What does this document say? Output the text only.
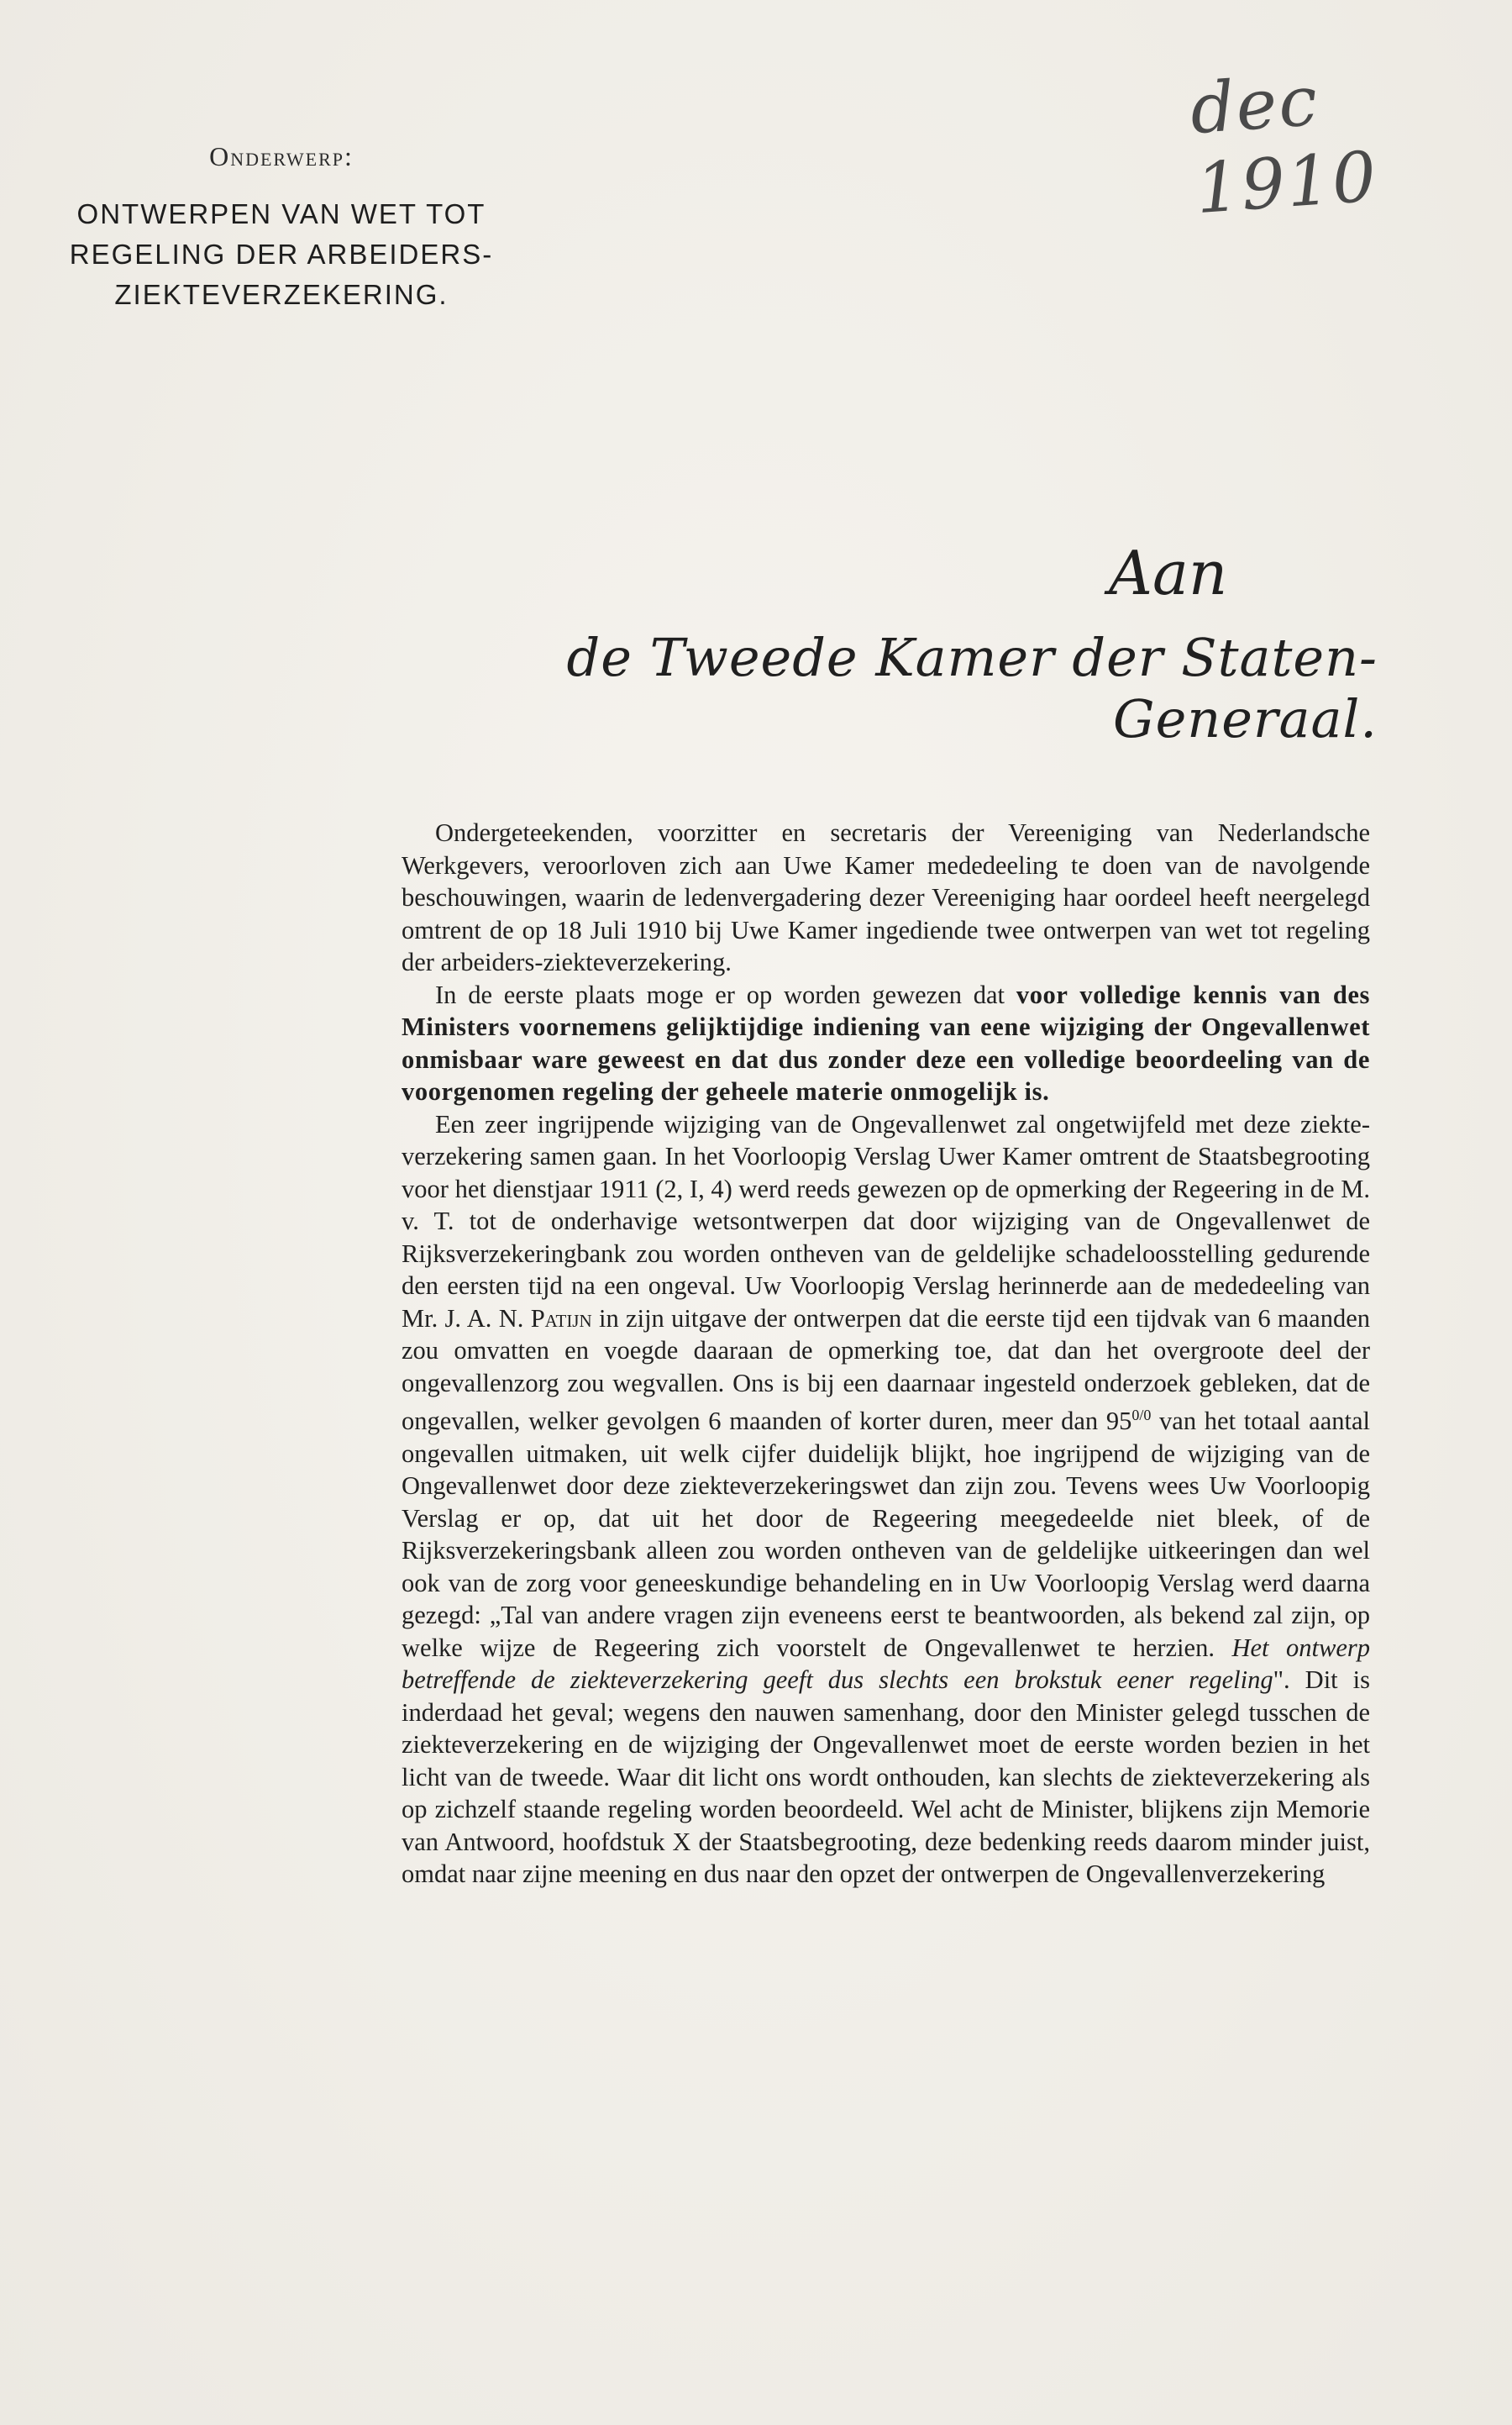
dec 1910
Onderwerp:
ONTWERPEN VAN WET TOT
REGELING DER ARBEIDERS-
ZIEKTEVERZEKERING.
Aan
de Tweede Kamer der Staten-Generaal.

Ondergeteekenden, voorzitter en secretaris der Vereeniging van Nederlandsche Werkgevers, veroorloven zich aan Uwe Kamer mededeeling te doen van de navolgende beschouwingen, waarin de ledenvergadering dezer Vereeniging haar oordeel heeft neergelegd omtrent de op 18 Juli 1910 bij Uwe Kamer ingediende twee ontwerpen van wet tot regeling der arbeiders-ziekteverzekering.

In de eerste plaats moge er op worden gewezen dat voor volledige kennis van des Ministers voornemens gelijktijdige indiening van eene wijziging der Ongevallenwet onmisbaar ware geweest en dat dus zonder deze een volledige beoordeeling van de voorgenomen regeling der geheele materie onmogelijk is.

Een zeer ingrijpende wijziging van de Ongevallenwet zal ongetwijfeld met deze ziekte-verzekering samen gaan. In het Voorloopig Verslag Uwer Kamer omtrent de Staatsbegrooting voor het dienstjaar 1911 (2, I, 4) werd reeds gewezen op de opmerking der Regeering in de M. v. T. tot de onderhavige wetsontwerpen dat door wijziging van de Ongevallenwet de Rijksverzekeringbank zou worden ontheven van de geldelijke schadeloosstelling gedurende den eersten tijd na een ongeval. Uw Voorloopig Verslag herinnerde aan de mededeeling van Mr. J. A. N. Patijn in zijn uitgave der ontwerpen dat die eerste tijd een tijdvak van 6 maanden zou omvatten en voegde daaraan de opmerking toe, dat dan het overgroote deel der ongevallenzorg zou wegvallen. Ons is bij een daarnaar ingesteld onderzoek gebleken, dat de ongevallen, welker gevolgen 6 maanden of korter duren, meer dan $95^{0/0}$ van het totaal aantal ongevallen uitmaken, uit welk cijfer duidelijk blijkt, hoe ingrijpend de wijziging van de Ongevallenwet door deze ziekteverzekeringswet dan zijn zou. Tevens wees Uw Voorloopig Verslag er op, dat uit het door de Regeering meegedeelde niet bleek, of de Rijksverzekeringsbank alleen zou worden ontheven van de geldelijke uitkeeringen dan wel ook van de zorg voor geneeskundige behandeling en in Uw Voorloopig Verslag werd daarna gezegd: „Tal van andere vragen zijn eveneens eerst te beantwoorden, als bekend zal zijn, op welke wijze de Regeering zich voorstelt de Ongevallenwet te herzien. Het ontwerp betreffende de ziekteverzekering geeft dus slechts een brokstuk eener regeling". Dit is inderdaad het geval; wegens den nauwen samenhang, door den Minister gelegd tusschen de ziekteverzekering en de wijziging der Ongevallenwet moet de eerste worden bezien in het licht van de tweede. Waar dit licht ons wordt onthouden, kan slechts de ziekteverzekering als op zichzelf staande regeling worden beoordeeld. Wel acht de Minister, blijkens zijn Memorie van Antwoord, hoofdstuk X der Staatsbegrooting, deze bedenking reeds daarom minder juist, omdat naar zijne meening en dus naar den opzet der ontwerpen de Ongevallenverzekering
